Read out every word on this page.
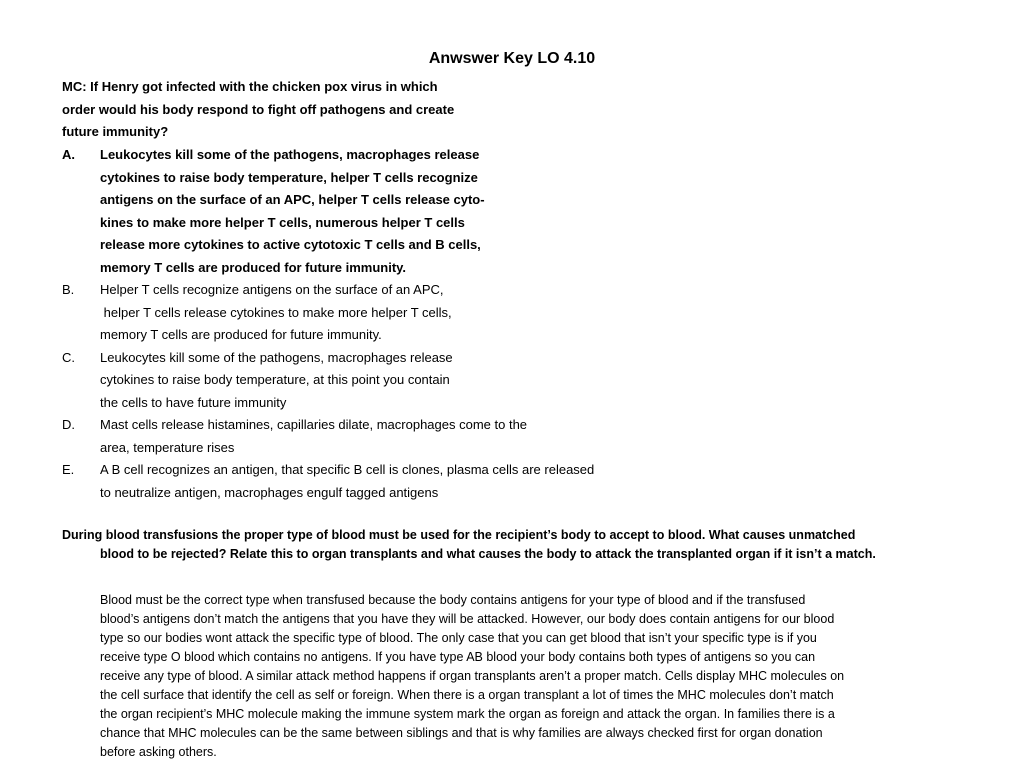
Anwswer Key LO 4.10
MC: If Henry got infected with the chicken pox virus in which
order would his body respond to fight off pathogens and create
future immunity?
A. Leukocytes kill some of the pathogens, macrophages release
cytokines to raise body temperature, helper T cells recognize
antigens on the surface of an APC, helper T cells release cyto-
kines to make more helper T cells, numerous helper T cells
release more cytokines to active cytotoxic T cells and B cells,
memory T cells are produced for future immunity.
B. Helper T cells recognize antigens on the surface of an APC,
helper T cells release cytokines to make more helper T cells,
memory T cells are produced for future immunity.
C. Leukocytes kill some of the pathogens, macrophages release
cytokines to raise body temperature, at this point you contain
the cells to have future immunity
D. Mast cells release histamines, capillaries dilate, macrophages come to the
area, temperature rises
E. A B cell recognizes an antigen, that specific B cell is clones, plasma cells are released
to neutralize antigen, macrophages engulf tagged antigens
During blood transfusions the proper type of blood must be used for the recipient’s body to accept to blood. What causes unmatched
blood to be rejected? Relate this to organ transplants and what causes the body to attack the transplanted organ if it isn’t a match.
Blood must be the correct type when transfused because the body contains antigens for your type of blood and if the transfused
blood’s antigens don’t match the antigens that you have they will be attacked. However, our body does contain antigens for our blood
type so our bodies wont attack the specific type of blood. The only case that you can get blood that isn’t your specific type is if you
receive type O blood which contains no antigens. If you have type AB blood your body contains both types of antigens so you can
receive any type of blood. A similar attack method happens if organ transplants aren’t a proper match. Cells display MHC molecules on
the cell surface that identify the cell as self or foreign. When there is a organ transplant a lot of times the MHC molecules don’t match
the organ recipient’s MHC molecule making the immune system mark the organ as foreign and attack the organ. In families there is a
chance that MHC molecules can be the same between siblings and that is why families are always checked first for organ donation
before asking others.
